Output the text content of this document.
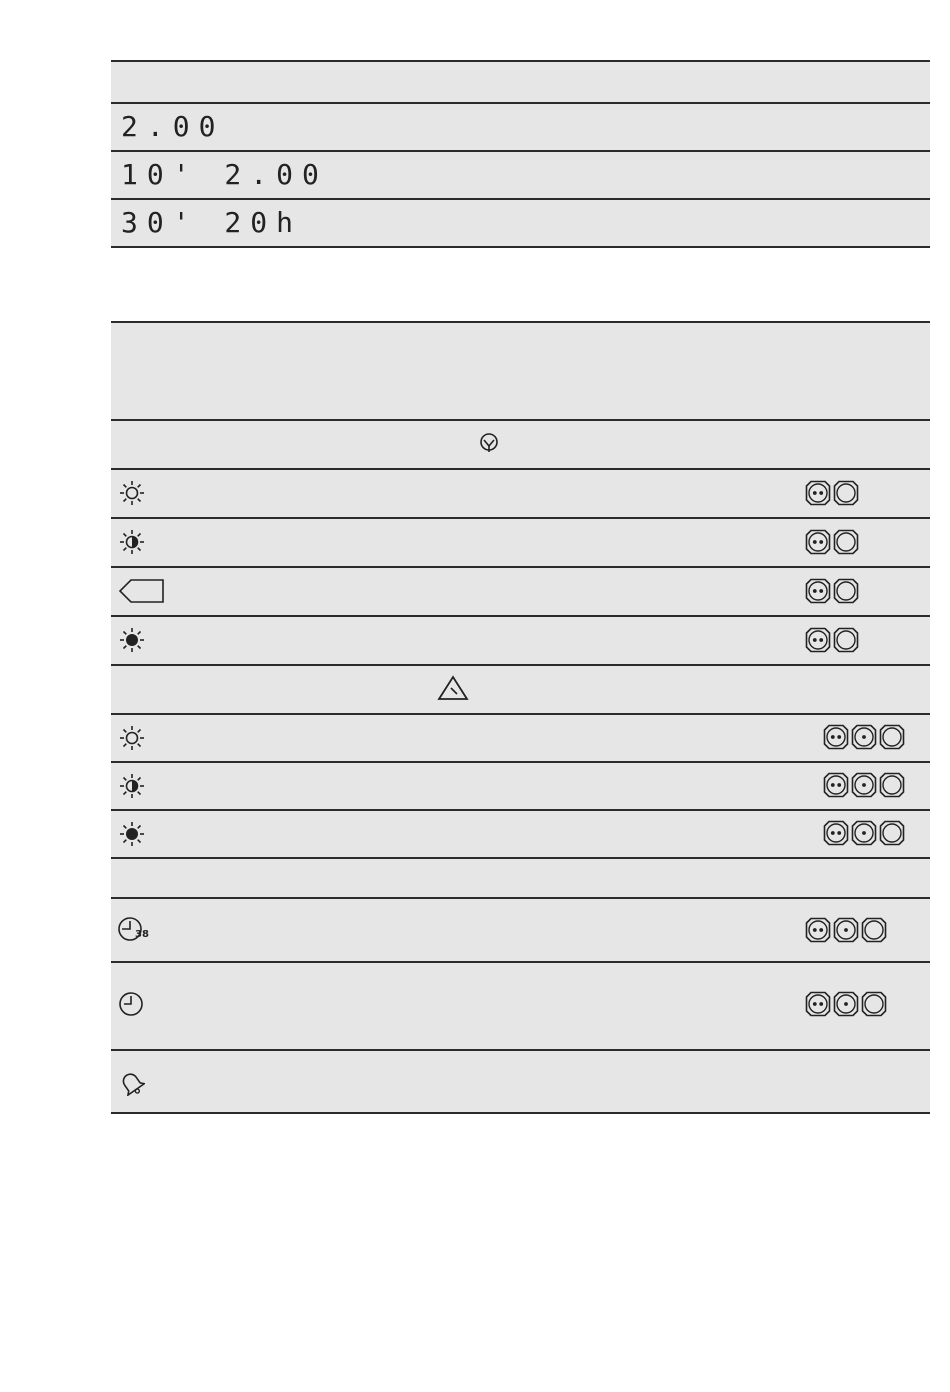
2.00
10' 2.00
30' 20h
38
